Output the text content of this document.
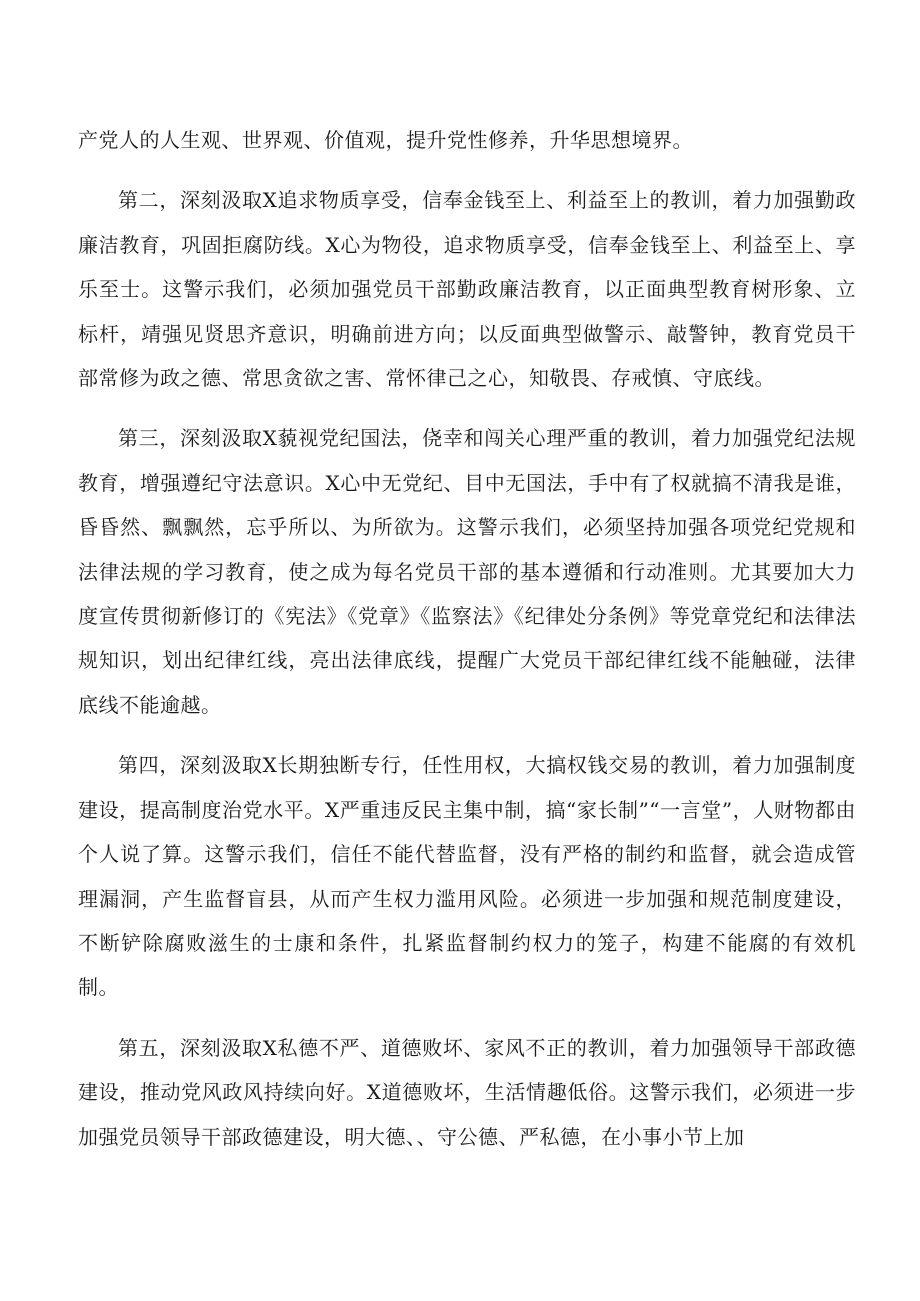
产党人的人生观、世界观、价值观，提升党性修养，升华思想境界。

第二，深刻汲取X追求物质享受，信奉金钱至上、利益至上的教训，着力加强勤政廉洁教育，巩固拒腐防线。X心为物役，追求物质享受，信奉金钱至上、利益至上、享乐至士。这警示我们，必须加强党员干部勤政廉洁教育，以正面典型教育树形象、立标杆，靖强见贤思齐意识，明确前进方向；以反面典型做警示、敲警钟，教育党员干部常修为政之德、常思贪欲之害、常怀律己之心，知敬畏、存戒慎、守底线。

第三，深刻汲取X藐视党纪国法，侥幸和闯关心理严重的教训，着力加强党纪法规教育，增强遵纪守法意识。X心中无党纪、目中无国法，手中有了权就搞不清我是谁，昏昏然、飘飘然，忘乎所以、为所欲为。这警示我们，必须坚持加强各项党纪党规和法律法规的学习教育，使之成为每名党员干部的基本遵循和行动准则。尤其要加大力度宣传贯彻新修订的《宪法》《党章》《监察法》《纪律处分条例》等党章党纪和法律法规知识，划出纪律红线，亮出法律底线，提醒广大党员干部纪律红线不能触碰，法律底线不能逾越。

第四，深刻汲取X长期独断专行，任性用权，大搞权钱交易的教训，着力加强制度建设，提高制度治党水平。X严重违反民主集中制，搞“家长制”“一言堂”，人财物都由个人说了算。这警示我们，信任不能代替监督，没有严格的制约和监督，就会造成管理漏洞，产生监督盲县，从而产生权力滥用风险。必须进一步加强和规范制度建设，不断铲除腐败滋生的士康和条件，扎紧监督制约权力的笼子，构建不能腐的有效机制。

第五，深刻汲取X私德不严、道德败坏、家风不正的教训，着力加强领导干部政德建设，推动党风政风持续向好。X道德败坏，生活情趣低俗。这警示我们，必须进一步加强党员领导干部政德建设，明大德、、守公德、严私德，在小事小节上加
